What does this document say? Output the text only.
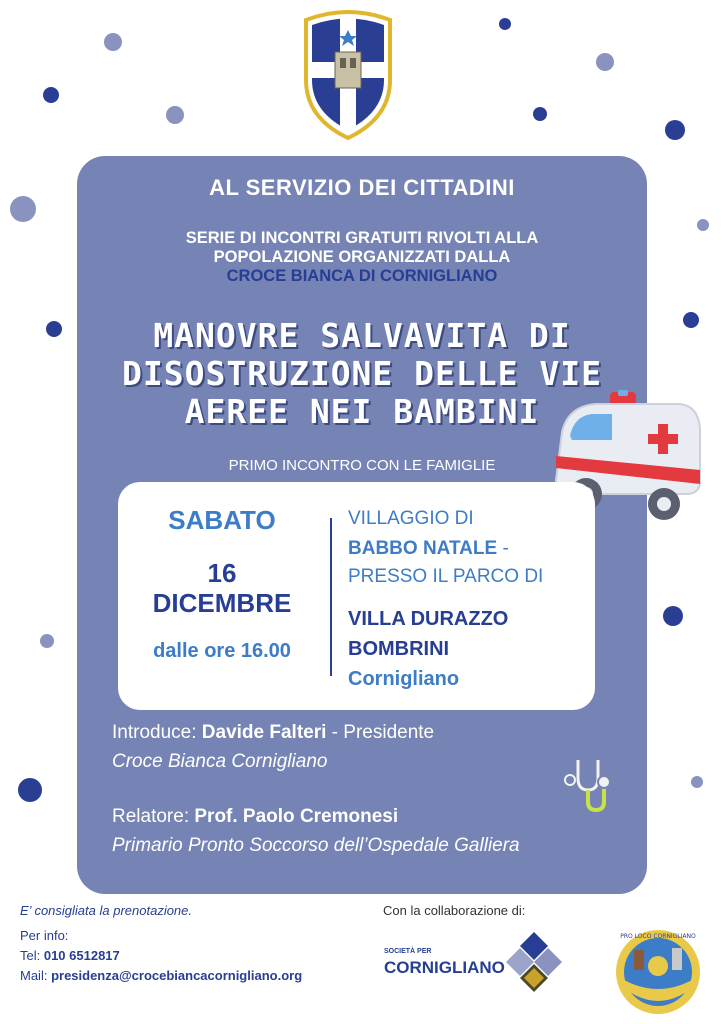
AL SERVIZIO DEI CITTADINI
SERIE DI INCONTRI GRATUITI RIVOLTI ALLA
POPOLAZIONE ORGANIZZATI DALLA
CROCE BIANCA DI CORNIGLIANO
MANOVRE SALVAVITA DI
DISOSTRUZIONE DELLE VIE
AEREE NEI BAMBINI
PRIMO INCONTRO CON LE FAMIGLIE
SABATO
16
DICEMBRE
dalle ore 16.00
VILLAGGIO DI
BABBO NATALE -
PRESSO IL PARCO DI
VILLA DURAZZO
BOMBRINI
Cornigliano
Introduce: Davide Falteri - Presidente
Croce Bianca Cornigliano
Relatore: Prof. Paolo Cremonesi
Primario Pronto Soccorso dell’Ospedale Galliera
E’ consigliata la prenotazione.
Per info:
Tel: 010 6512817
Mail: presidenza@crocebiancacornigliano.org
Con la collaborazione di:
SOCIETÀ PER
CORNIGLIANO
PRO LOCO CORNIGLIANO
